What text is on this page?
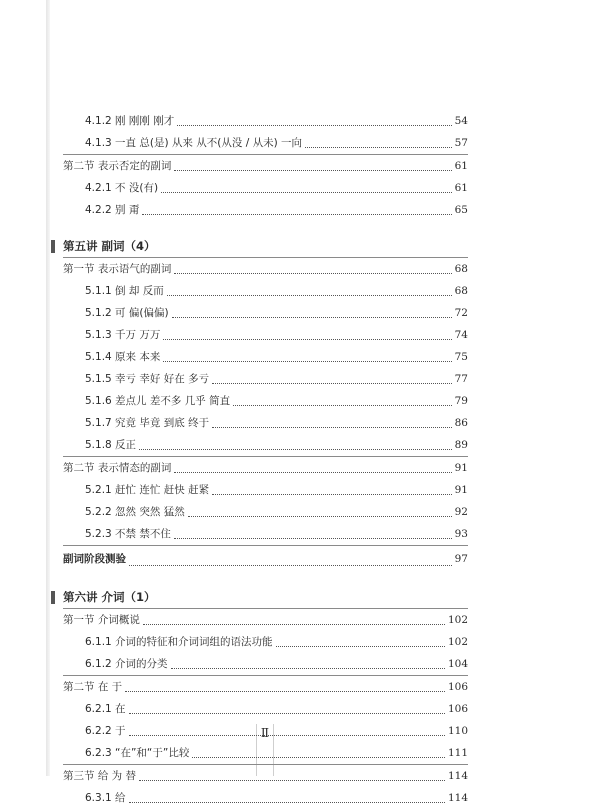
4.1.2 刚 刚刚 刚才	54
4.1.3 一直 总(是) 从来 从不(从没 / 从未) 一向	57
第二节 表示否定的副词	61
4.2.1 不 没(有)	61
4.2.2 别 甭	65
第五讲 副词（4）
第一节 表示语气的副词	68
5.1.1 倒 却 反而	68
5.1.2 可 偏(偏偏)	72
5.1.3 千万 万万	74
5.1.4 原来 本来	75
5.1.5 幸亏 幸好 好在 多亏	77
5.1.6 差点儿 差不多 几乎 简直	79
5.1.7 究竟 毕竟 到底 终于	86
5.1.8 反正	89
第二节 表示情态的副词	91
5.2.1 赶忙 连忙 赶快 赶紧	91
5.2.2 忽然 突然 猛然	92
5.2.3 不禁 禁不住	93
副词阶段测验	97
第六讲 介词（1）
第一节 介词概说	102
6.1.1 介词的特征和介词词组的语法功能	102
6.1.2 介词的分类	104
第二节 在 于	106
6.2.1 在	106
6.2.2 于	110
6.2.3 “在”和“于”比较	111
第三节 给 为 替	114
6.3.1 给	114
Ⅱ
